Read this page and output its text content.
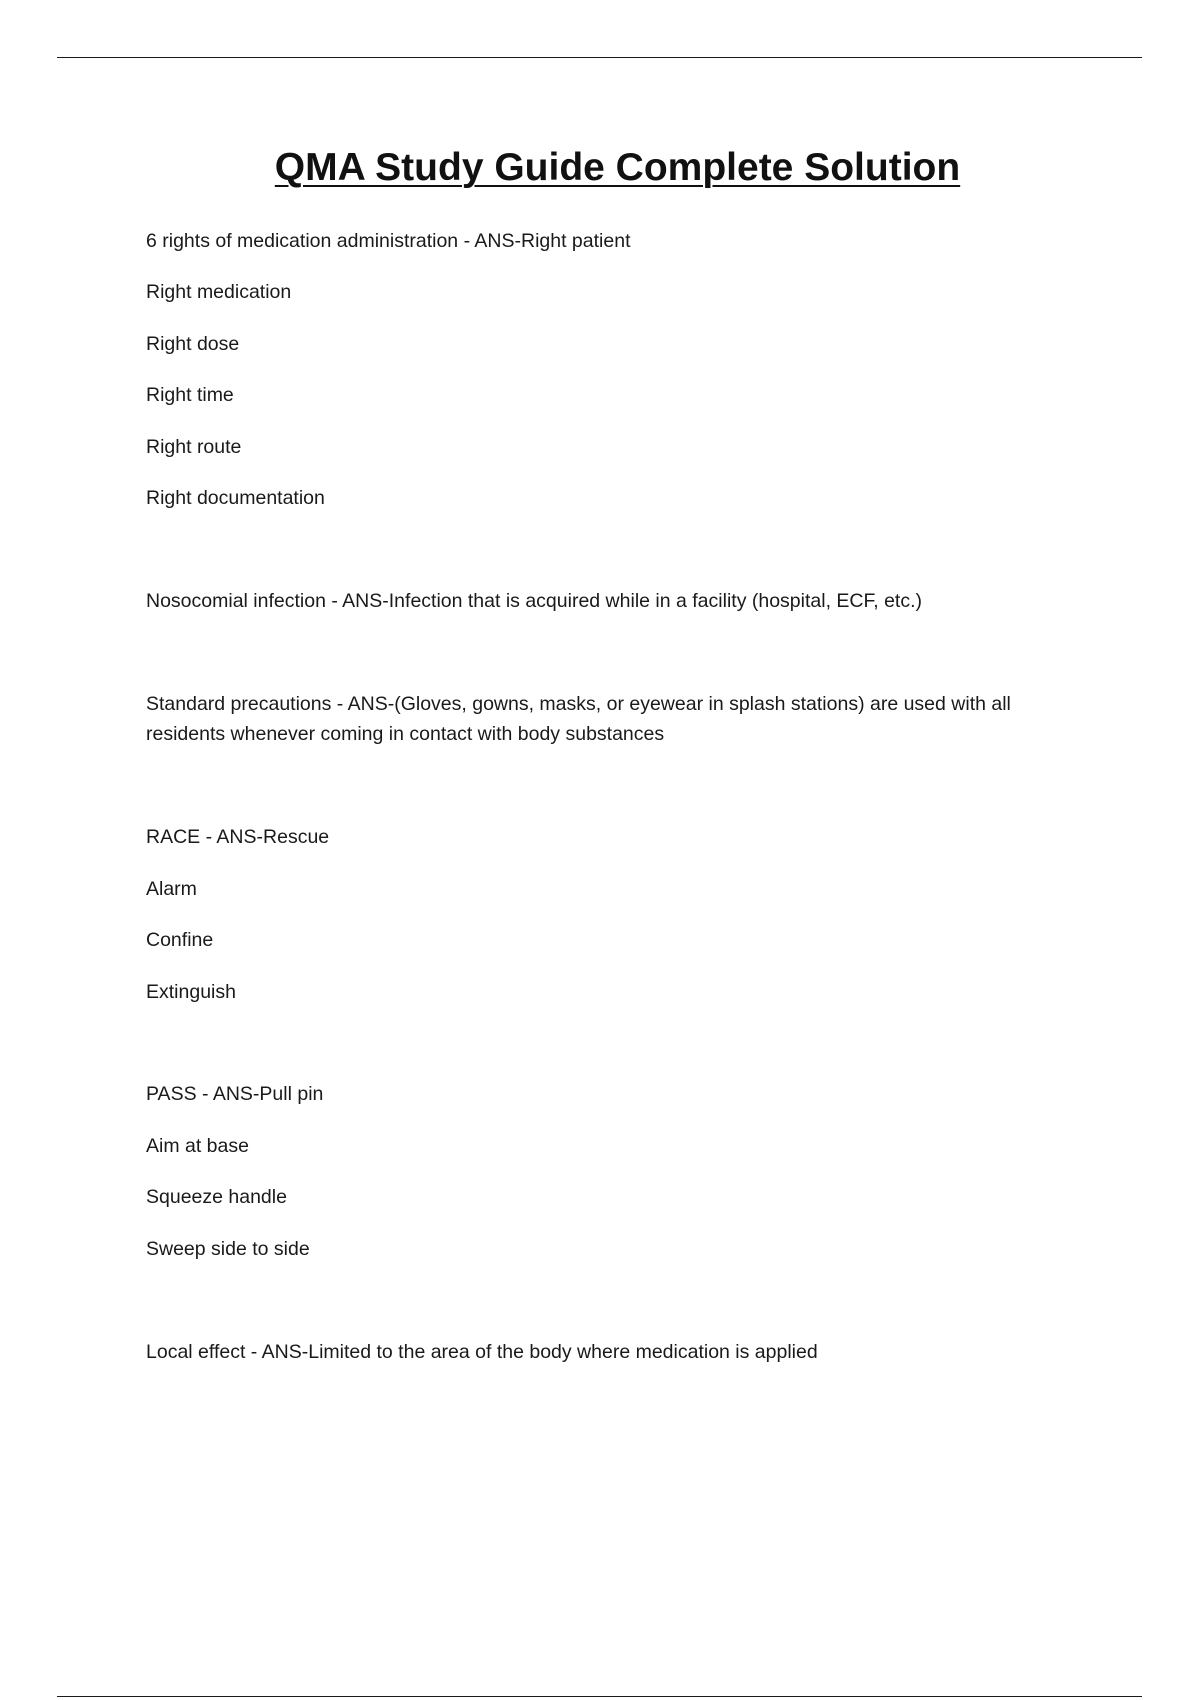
QMA Study Guide Complete Solution

6 rights of medication administration - ANS-Right patient

Right medication

Right dose

Right time

Right route

Right documentation

Nosocomial infection - ANS-Infection that is acquired while in a facility (hospital, ECF, etc.)

Standard precautions - ANS-(Gloves, gowns, masks, or eyewear in splash stations) are used with all residents whenever coming in contact with body substances

RACE - ANS-Rescue

Alarm

Confine

Extinguish

PASS - ANS-Pull pin

Aim at base

Squeeze handle

Sweep side to side

Local effect - ANS-Limited to the area of the body where medication is applied
